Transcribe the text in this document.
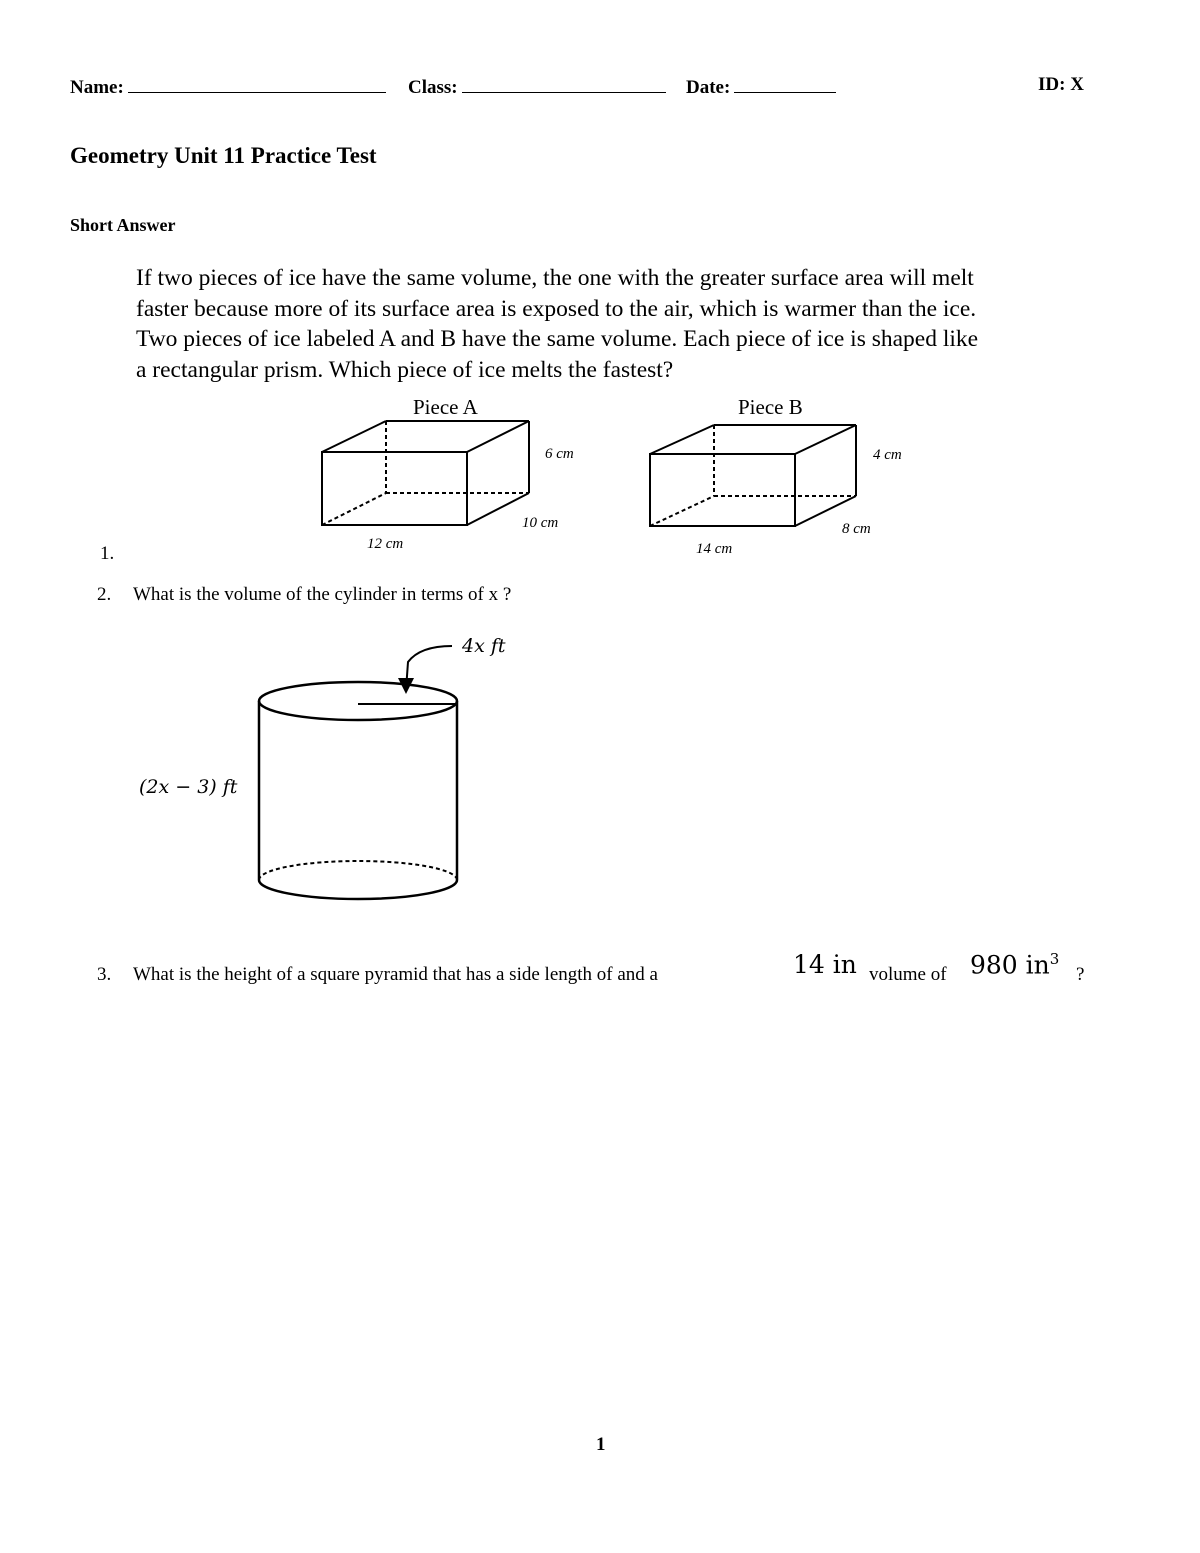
Name:	Class:	Date:	ID: X
Geometry Unit 11 Practice Test
Short Answer
If two pieces of ice have the same volume, the one with the greater surface area will melt
faster because more of its surface area is exposed to the air, which is warmer than the ice.
Two pieces of ice labeled A and B have the same volume. Each piece of ice is shaped like
a rectangular prism. Which piece of ice melts the fastest?
Piece A
6 cm
10 cm
12 cm
Piece B
4 cm
8 cm
14 cm
1.
2. What is the volume of the cylinder in terms of x ?
4x ft
(2x − 3) ft
3. What is the height of a square pyramid that has a side length of and a	14 in volume of 980 $in^3$
?
1
